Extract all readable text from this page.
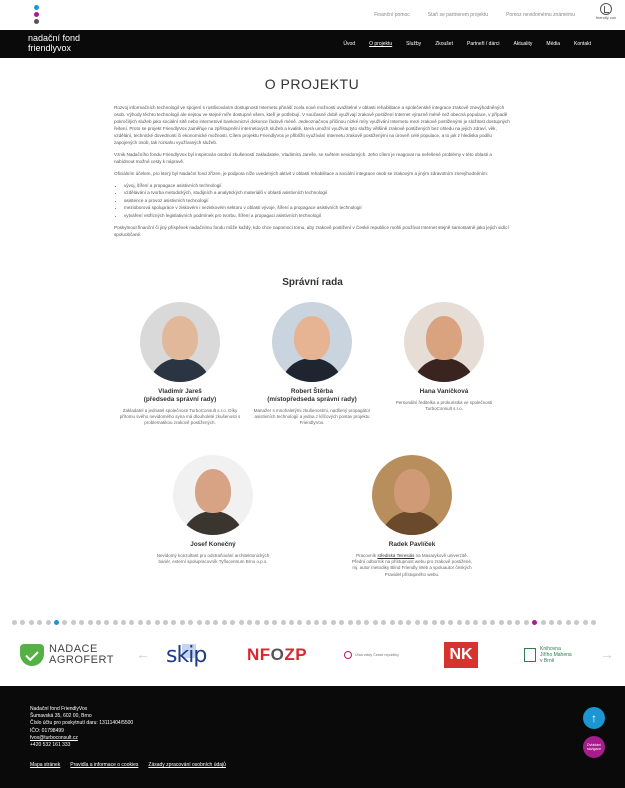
Finanční pomoc	Staň se partnerem projektu	Pomoz nevidomému známému	friendly vox
nadační fond
friendlyvox	Úvod	O projektu	Služby	Zkoušet	Partneři / dárci	Aktuality	Média	Kontakt
O PROJEKTU

Rozvoj informačních technologií ve spojení s rostlivováním dostupnosti Internetu přináší zcela nové možnosti uvažitelné v oblasti rehabilitace a společenské integrace zrakově znevýhodněných osob. Výhody těchto technologií ale nejsou ve stejné míře dostupné všem, kteří je potřebují. V současné době využívají zrakově postižení Internet výrazně méně než obecná populace, v případě pokročilých služeb jako sociální sítě nebo internetové bankovnictví dokonce řádově méně. Jednoznačnou příčinou nízké míry využívání Internetu mezi zrakově postiženými je složitost dostupných řešení. Proto se projekt FriendlyVox zaměřuje na zpřístupnění internetových služeb a kvalitě, která umožní využívat tyto služby většině zrakově postižených bez ohledu na jejich zdraví, věk, vzdělání, technické dovednosti či ekonomické možnosti. Cílem projektu FriendlyVox je přiblížit využívání Internetu zrakově postiženými na úroveň celé populace, a to jak z hlediska podílu zapojených osob, tak rozsahu využívaných služeb.

Vznik Nadačního fondu FriendlyVox byl inspirován osobní zkušeností zakladatele, Vladimíra Jareše, se světem nevidomých. Jeho cílem je reagovat na neřešené problémy v této oblasti a nabídnout možné cesty k nápravě.

Oficiálním účelem, pro který byl Nadační fond zřízen, je podpora níže uvedených aktivit v oblasti rehabilitace a sociální integrace osob se zrakovým a jiným zdravotním znevýhodněním:

• vývoj, šíření a propagace asistivních technologií
• vzdělávání a tvorba metodických, studijních a analytických materiálů v oblasti asistivních technologií
• asistence a provoz asistivních technologií
• mezioborová spolupráce v ziskovém i neziskovém sektoru v oblasti vývoje, šíření a propagace asistivních technologií
• vytváření vstřícných legislativních podmínek pro tvorbu, šíření a propagaci asistivních technologií

Poskytnout finanční či jiný příspěvek nadačnímu fondu může každý, kdo chce napomoci tomu, aby zrakově postižení v České republice mohli používat Internet stejně samostatně jako jejich vidící spoluobčané.

Správní rada
Vladimír Jareš
(předseda správní rady)
Zakladatel a jednatel společnosti TurboConsult s.r.o. Díky přítomu svého nevidomého syna má dlouholeté zkušenosti s problematikou zrakově postižených.
Robert Štěrba
(místopředseda správní rady)
Manažer s mnohaletými zkušenostmi, nadšený propagátor asistivních technologií a jedna z klíčových postav projektu FriendlyVox.
Hana Vaníčková
Personální ředitelka a prokuristka ve společnosti TurboConsult s.r.o.
Josef Konečný
Nevidomý konzultant pro odstraňování architektonických bariér, externí spolupracovník Tyflocentrum Brno o.p.s.
Radek Pavlíček
Pracovník střediska Teiresiás na Masarykově univerzitě. Přední odborník na přístupnost webu pro zrakově postižené, mj. autor metodiky Blind Friendly Web a spoluautor českých Pravidel přístupného webu.
←	→
NADACE
AGROFERT skip NF O ZP	Úřad vlády České republiky	NK	Knihovna
Jiřího Mahena
v Brně
Nadační fond FriendlyVox
Šumavská 35, 602 00, Brno
Číslo účtu pro poskytnutí daru: 13111404/5500
IČO: 01798499
fvox@turboconsult.cz
+420 532 161 333
Mapa stránek Pravidla a informace o cookies Zásady zpracování osobních údajů
↑
Ovládání
navigace
